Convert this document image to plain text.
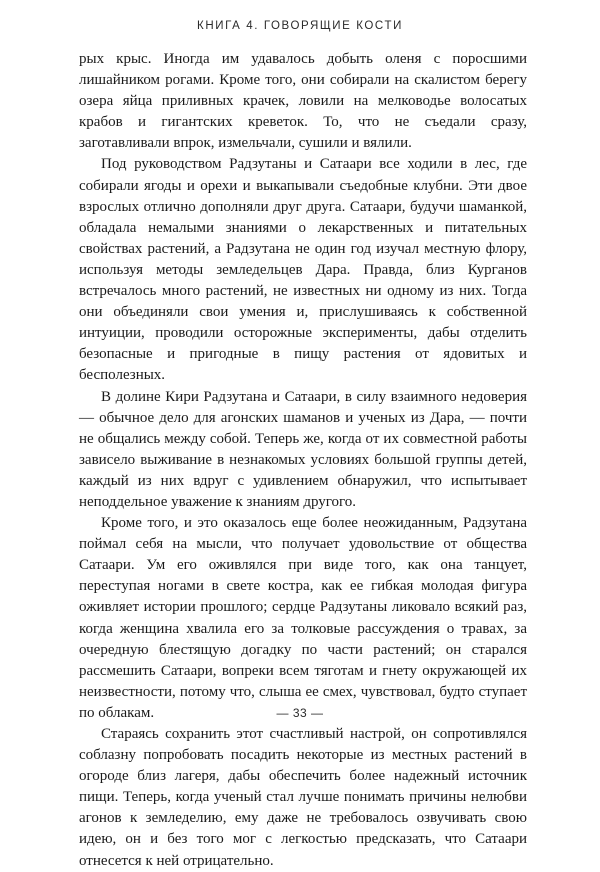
КНИГА 4. ГОВОРЯЩИЕ КОСТИ

рых крыс. Иногда им удавалось добыть оленя с поросшими лишайником рогами. Кроме того, они собирали на скалистом берегу озера яйца приливных крачек, ловили на мелководье волосатых крабов и гигантских креветок. То, что не съедали сразу, заготавливали впрок, измельчали, сушили и вялили.

Под руководством Радзутаны и Сатаари все ходили в лес, где собирали ягоды и орехи и выкапывали съедобные клубни. Эти двое взрослых отлично дополняли друг друга. Сатаари, будучи шаманкой, обладала немалыми знаниями о лекарственных и питательных свойствах растений, а Радзутана не один год изучал местную флору, используя методы земледельцев Дара. Правда, близ Курганов встречалось много растений, не известных ни одному из них. Тогда они объединяли свои умения и, прислушиваясь к собственной интуиции, проводили осторожные эксперименты, дабы отделить безопасные и пригодные в пищу растения от ядовитых и бесполезных.

В долине Кири Радзутана и Сатаари, в силу взаимного недоверия — обычное дело для агонских шаманов и ученых из Дара, — почти не общались между собой. Теперь же, когда от их совместной работы зависело выживание в незнакомых условиях большой группы детей, каждый из них вдруг с удивлением обнаружил, что испытывает неподдельное уважение к знаниям другого.

Кроме того, и это оказалось еще более неожиданным, Радзутана поймал себя на мысли, что получает удовольствие от общества Сатаари. Ум его оживлялся при виде того, как она танцует, переступая ногами в свете костра, как ее гибкая молодая фигура оживляет истории прошлого; сердце Радзутаны ликовало всякий раз, когда женщина хвалила его за толковые рассуждения о травах, за очередную блестящую догадку по части растений; он старался рассмешить Сатаари, вопреки всем тяготам и гнету окружающей их неизвестности, потому что, слыша ее смех, чувствовал, будто ступает по облакам.

Стараясь сохранить этот счастливый настрой, он сопротивлялся соблазну попробовать посадить некоторые из местных растений в огороде близ лагеря, дабы обеспечить более надежный источник пищи. Теперь, когда ученый стал лучше понимать причины нелюбви агонов к земледелию, ему даже не требовалось озвучивать свою идею, он и без того мог с легкостью предсказать, что Сатаари отнесется к ней отрицательно.

— 33 —
